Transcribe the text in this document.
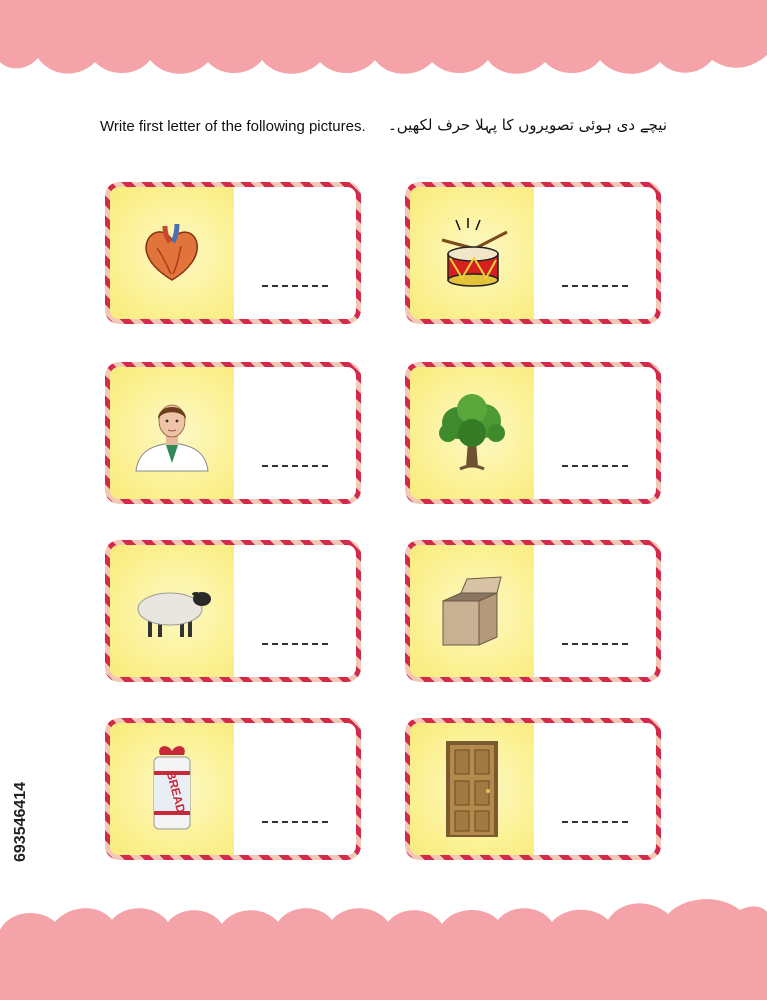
Write first letter of the following pictures. نیچے دی ہوئی تصویروں کا پہلا حرف لکھیں۔
BREAD
693546414
